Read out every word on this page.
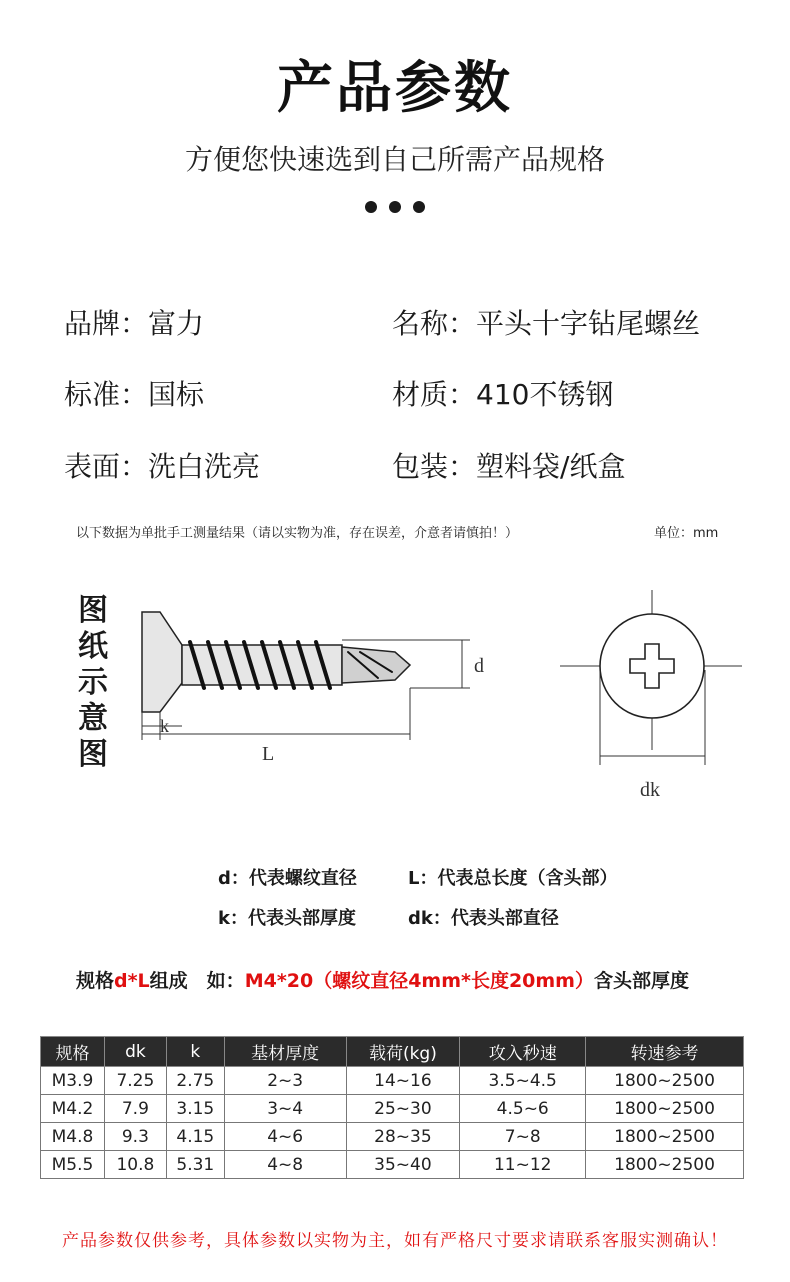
产品参数
方便您快速选到自己所需产品规格
品牌：富力	名称：平头十字钻尾螺丝
标准：国标	材质：410不锈钢
表面：洗白洗亮	包装：塑料袋/纸盒
以下数据为单批手工测量结果（请以实物为准，存在误差，介意者请慎拍！）	单位：mm
图
纸
示
意
图
d
k
L
dk
d：代表螺纹直径	L：代表总长度（含头部）
k：代表头部厚度	dk：代表头部直径
规格d*L组成　如：M4*20（螺纹直径4mm*长度20mm）含头部厚度
规格	dk	k	基材厚度	载荷(kg)	攻入秒速	转速参考
M3.9	7.25	2.75	2~3	14~16	3.5~4.5	1800~2500
M4.2	7.9	3.15	3~4	25~30	4.5~6	1800~2500
M4.8	9.3	4.15	4~6	28~35	7~8	1800~2500
M5.5	10.8	5.31	4~8	35~40	11~12	1800~2500
产品参数仅供参考，具体参数以实物为主，如有严格尺寸要求请联系客服实测确认！
